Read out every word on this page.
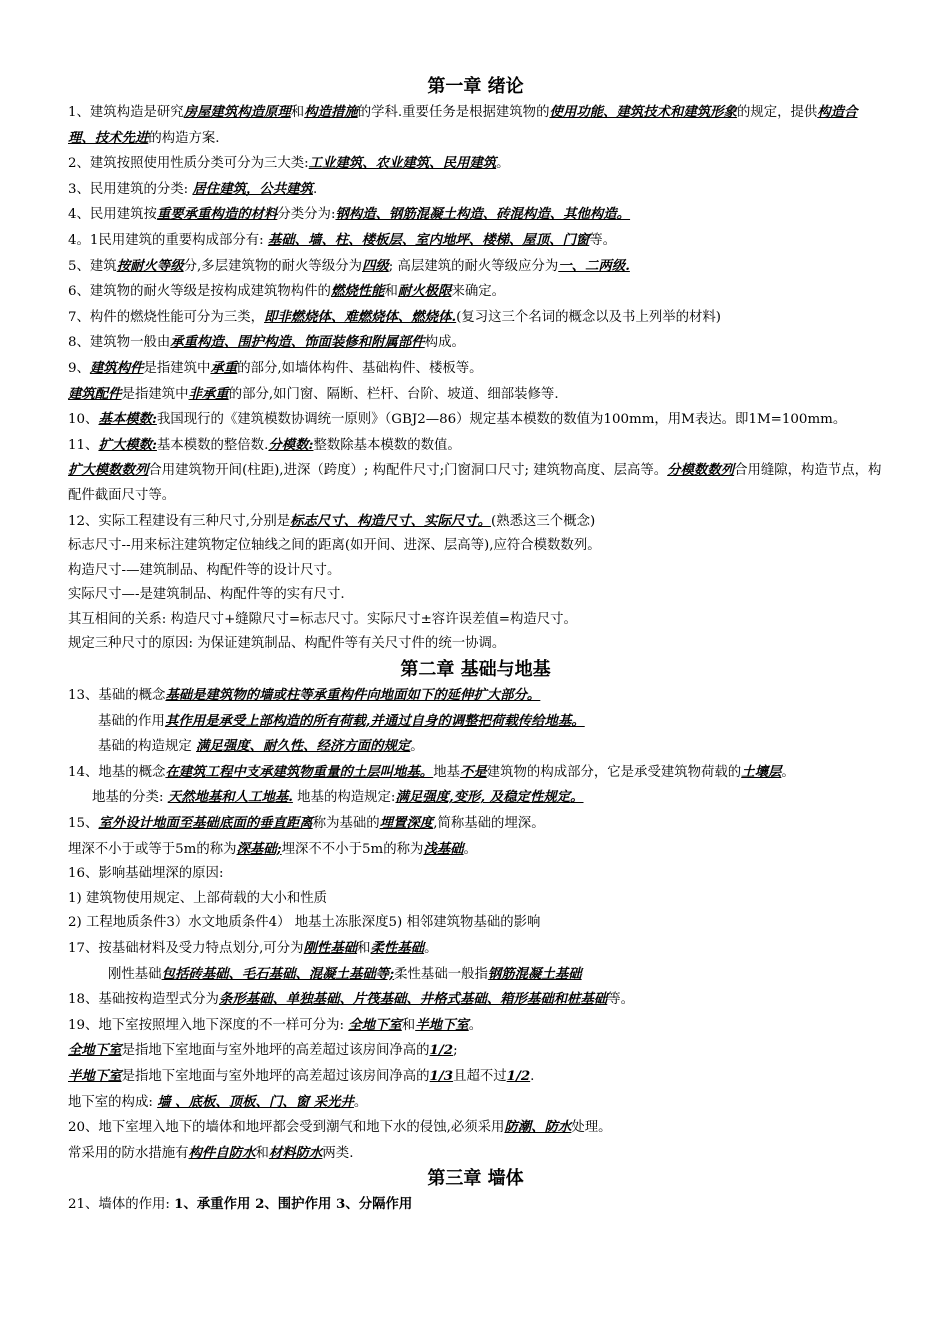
第一章 绪论
1、建筑构造是研究房屋建筑构造原理和构造措施的学科.重要任务是根据建筑物的使用功能、建筑技术和建筑形象的规定，提供构造合理、技术先进的构造方案.
2、建筑按照使用性质分类可分为三大类:工业建筑、农业建筑、民用建筑。
3、民用建筑的分类: 居住建筑，公共建筑.
4、民用建筑按重要承重构造的材料分类分为:钢构造、钢筋混凝土构造、砖混构造、其他构造。
4。1民用建筑的重要构成部分有: 基础、墙、柱、楼板层、室内地坪、楼梯、屋顶、门窗等。
5、建筑按耐火等级分,多层建筑物的耐火等级分为四级; 高层建筑的耐火等级应分为一、二两级.
6、建筑物的耐火等级是按构成建筑物构件的燃烧性能和耐火极限来确定。
7、构件的燃烧性能可分为三类，即非燃烧体、难燃烧体、燃烧体.(复习这三个名词的概念以及书上列举的材料)
8、建筑物一般由承重构造、围护构造、饰面装修和附属部件构成。
9、建筑构件是指建筑中承重的部分,如墙体构件、基础构件、楼板等。
建筑配件是指建筑中非承重的部分,如门窗、隔断、栏杆、台阶、坡道、细部装修等.
10、基本模数:我国现行的《建筑模数协调统一原则》（GBJ2—86）规定基本模数的数值为100mm，用M表达。即1M=100mm。
11、扩大模数:基本模数的整倍数.分模数:整数除基本模数的数值。
扩大模数数列合用建筑物开间(柱距),进深（跨度）; 构配件尺寸;门窗洞口尺寸; 建筑物高度、层高等。分模数数列合用缝隙，构造节点，构配件截面尺寸等。
12、实际工程建设有三种尺寸,分别是标志尺寸、构造尺寸、实际尺寸。(熟悉这三个概念)
标志尺寸--用来标注建筑物定位轴线之间的距离(如开间、进深、层高等),应符合模数数列。
构造尺寸-—建筑制品、构配件等的设计尺寸。
实际尺寸—-是建筑制品、构配件等的实有尺寸.
其互相间的关系: 构造尺寸+缝隙尺寸=标志尺寸。实际尺寸±容许误差值=构造尺寸。
规定三种尺寸的原因: 为保证建筑制品、构配件等有关尺寸件的统一协调。
第二章 基础与地基
13、基础的概念基础是建筑物的墙或柱等承重构件向地面如下的延伸扩大部分。
基础的作用其作用是承受上部构造的所有荷载,并通过自身的调整把荷载传给地基。
基础的构造规定 满足强度、耐久性、经济方面的规定。
14、地基的概念在建筑工程中支承建筑物重量的土层叫地基。地基不是建筑物的构成部分，它是承受建筑物荷载的土壤层。
地基的分类: 天然地基和人工地基. 地基的构造规定:满足强度,变形, 及稳定性规定。
15、室外设计地面至基础底面的垂直距离称为基础的埋置深度,简称基础的埋深。
埋深不小于或等于5m的称为深基础;埋深不不小于5m的称为浅基础。
16、影响基础埋深的原因:
1) 建筑物使用规定、上部荷载的大小和性质
2) 工程地质条件3）水文地质条件4） 地基土冻胀深度5) 相邻建筑物基础的影响
17、按基础材料及受力特点划分,可分为刚性基础和柔性基础。
刚性基础包括砖基础、毛石基础、混凝土基础等;柔性基础一般指钢筋混凝土基础
18、基础按构造型式分为条形基础、单独基础、片筏基础、井格式基础、箱形基础和桩基础等。
19、地下室按照埋入地下深度的不一样可分为: 全地下室和半地下室。
全地下室是指地下室地面与室外地坪的高差超过该房间净高的1/2;
半地下室是指地下室地面与室外地坪的高差超过该房间净高的1/3且超不过1/2.
地下室的构成: 墙 、底板、顶板、门、窗 采光井。
20、地下室埋入地下的墙体和地坪都会受到潮气和地下水的侵蚀,必须采用防潮、防水处理。
常采用的防水措施有构件自防水和材料防水两类.
第三章 墙体
21、墙体的作用: 1、承重作用 2、围护作用 3、分隔作用
